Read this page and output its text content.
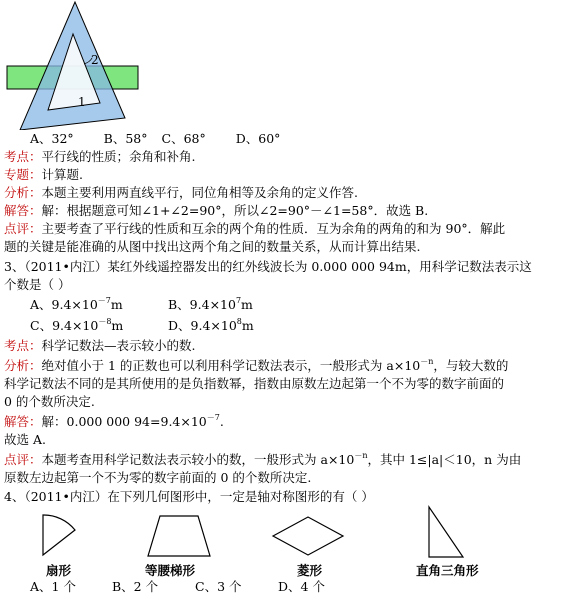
2
1
A、32° B、58° C、68° D、60°
考点：平行线的性质；余角和补角.
专题：计算题.
分析：本题主要利用两直线平行，同位角相等及余角的定义作答.
解答：解：根据题意可知∠1+∠2=90°，所以∠2=90°－∠1=58°．故选 B.
点评：主要考查了平行线的性质和互余的两个角的性质．互为余角的两角的和为 90°．解此
题的关键是能准确的从图中找出这两个角之间的数量关系，从而计算出结果.
3、（2011•内江）某红外线遥控器发出的红外线波长为 0.000 000 94m，用科学记数法表示这
个数是（ ）
A、$9.4\times 10^{-7}m$	B、$9.4\times 10^7m$
C、$9.4\times 10^{-8}m$	D、$9.4\times 10^8m$
考点：科学记数法—表示较小的数.
分析：绝对值小于 1 的正数也可以利用科学记数法表示，一般形式为 $a\times 10^{-n}$，与较大数的
科学记数法不同的是其所使用的是负指数幂，指数由原数左边起第一个不为零的数字前面的
0 的个数所决定.
解答：解：0.000 000 $94=9.4\times 10^{-7}$.
故选 A.
点评：本题考查用科学记数法表示较小的数，一般形式为 $a\times 10^{-n}$，其中 1≤|a|＜10，n 为由
原数左边起第一个不为零的数字前面的 0 的个数所决定.
4、（2011•内江）在下列几何图形中，一定是轴对称图形的有（ ）
扇形	等腰梯形	菱形	直角三角形
A、1 个	B、2 个	C、3 个	D、4 个
